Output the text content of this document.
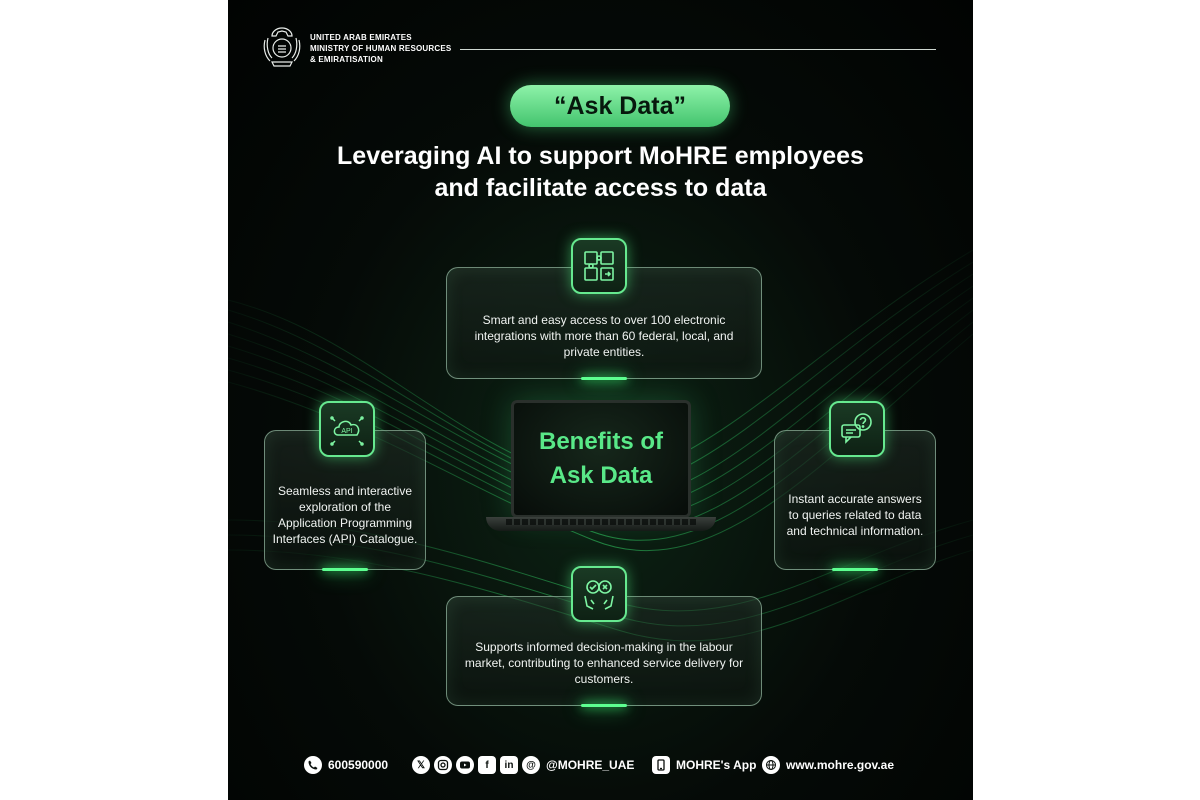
UNITED ARAB EMIRATES
MINISTRY OF HUMAN RESOURCES
& EMIRATISATION
“Ask Data”
Leveraging AI to support MoHRE employees
and facilitate access to data
Benefits of
Ask Data
Smart and easy access to over 100 electronic integrations with more than 60 federal, local, and private entities.
Seamless and interactive exploration of the Application Programming Interfaces (API) Catalogue.
Instant accurate answers to queries related to data and technical information.
Supports informed decision-making in the labour market, contributing to enhanced service delivery for customers.
API
600590000	𝕏	f	in	@ @MOHRE_UAE	MOHRE's App www.mohre.gov.ae
